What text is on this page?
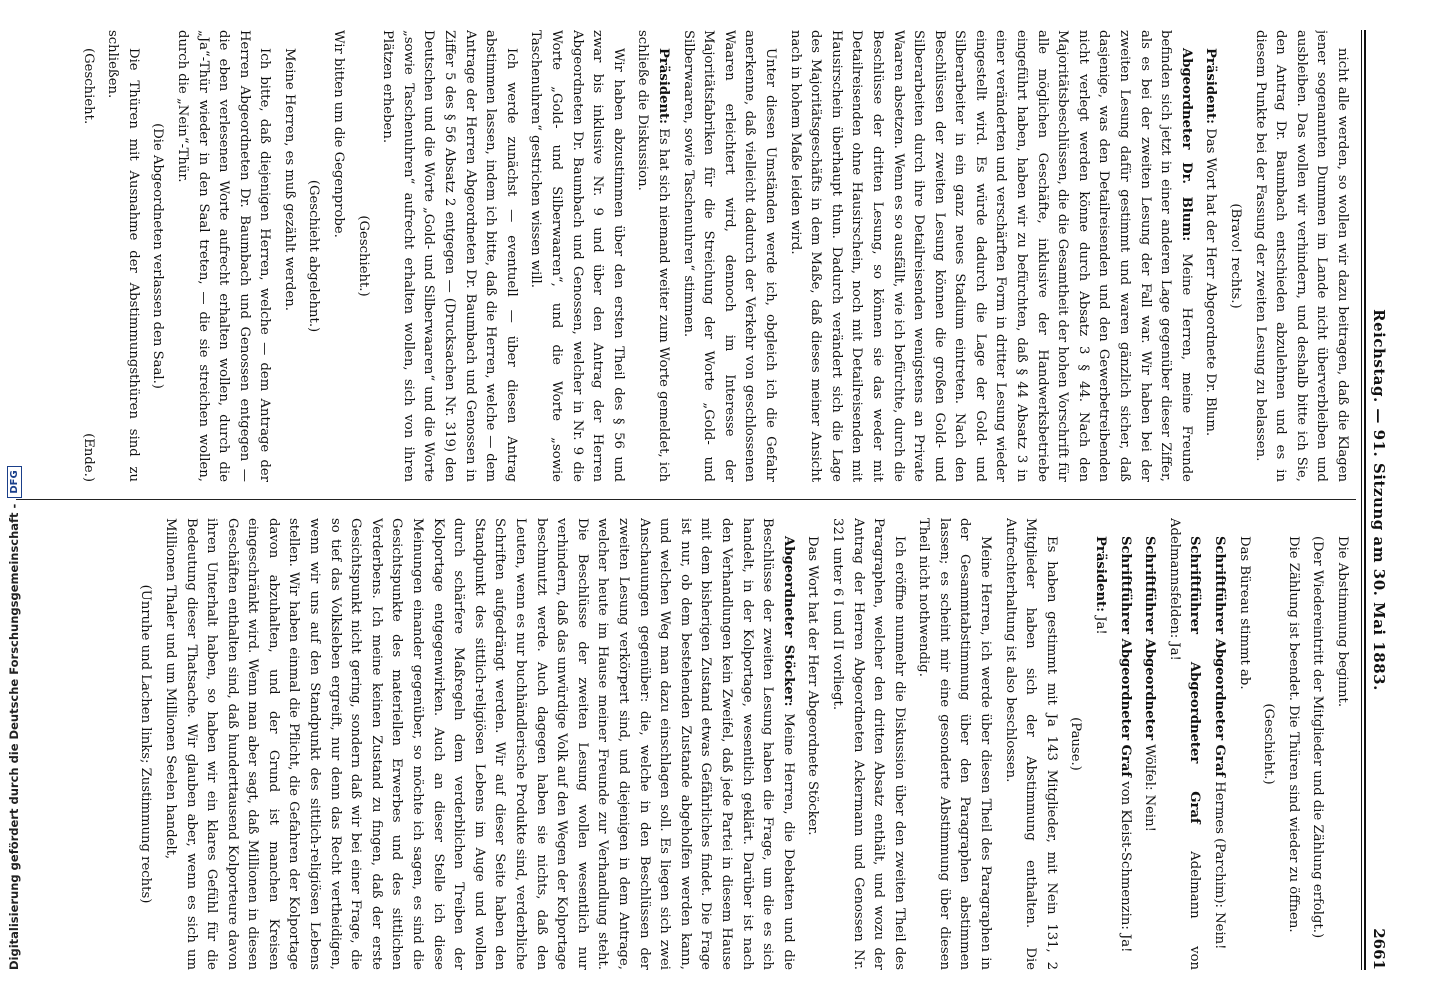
Reichstag. — 91. Sitzung am 30. Mai 1883.
2661

nicht alle werden, so wollen wir dazu beitragen, daß die Klagen jener sogenannten Dummen im Lande nicht überverbleiben und ausbleiben. Das wollen wir verhindern, und deshalb bitte ich Sie, den Antrag Dr. Baumbach entschieden abzulehnen und es in diesem Punkte bei der Fassung der zweiten Lesung zu belassen.

(Bravo! rechts.)

Präsident: Das Wort hat der Herr Abgeordnete Dr. Blum.

Abgeordneter Dr. Blum: Meine Herren, meine Freunde befinden sich jetzt in einer anderen Lage gegenüber dieser Ziffer, als es bei der zweiten Lesung der Fall war. Wir haben bei der zweiten Lesung dafür gestimmt und waren gänzlich sicher, daß dasjenige, was den Detailreisenden und den Gewerbetreibenden nicht verlegt werden könne durch Absatz 3 § 44. Nach den Majoritätsbeschlüssen, die die Gesamtheit der hohen Vorschrift für alle möglichen Geschäfte, inklusive der Handwerksbetriebe eingeführt haben, haben wir zu befürchten, daß § 44 Absatz 3 in einer veränderten und verschärften Form in dritter Lesung wieder eingestellt wird. Es würde dadurch die Lage der Gold- und Silberarbeiter in ein ganz neues Stadium eintreten. Nach den Beschlüssen der zweiten Lesung können die großen Gold- und Silberarbeiten durch ihre Detailreisenden wenigstens an Private Waaren absetzen. Wenn es so ausfällt, wie ich befürchte, durch die Beschlüsse der dritten Lesung, so können sie das weder mit Detailreisenden ohne Hausirschein, noch mit Detailreisenden mit Hausirschein überhaupt thun. Dadurch verändert sich die Lage des Majoritätsgeschäfts in dem Maße, daß dieses meiner Ansicht nach in hohem Maße leiden wird.

Unter diesen Umständen werde ich, obgleich ich die Gefahr anerkenne, daß vielleicht dadurch der Verkehr von geschlossenen Waaren erleichtert wird, dennoch im Interesse der Majoritätsfabriken für die Streichung der Worte „Gold- und Silberwaaren, sowie Taschenuhren“ stimmen.

Präsident: Es hat sich niemand weiter zum Worte gemeldet, ich schließe die Diskussion.

Wir haben abzustimmen über den ersten Theil des § 56 und zwar bis inklusive Nr. 9 und über den Antrag der Herren Abgeordneten Dr. Baumbach und Genossen, welcher in Nr. 9 die Worte „Gold- und Silberwaaren“, und die Worte „sowie Taschenuhren“ gestrichen wissen will.

Ich werde zunächst — eventuell — über diesen Antrag abstimmen lassen, indem ich bitte, daß die Herren, welche — dem Antrage der Herren Abgeordneten Dr. Baumbach und Genossen in Ziffer 5 des § 56 Absatz 2 entgegen — (Drucksachen Nr. 319) den Deutschen und die Worte „Gold- und Silberwaaren“ und die Worte „sowie Taschenuhren“ aufrecht erhalten wollen, sich von ihren Plätzen erheben.

(Geschieht.)

Wir bitten um die Gegenprobe.

(Geschieht abgelehnt.)

Meine Herren, es muß gezählt werden.

Ich bitte, daß diejenigen Herren, welche — dem Antrage der Herren Abgeordneten Dr. Baumbach und Genossen entgegen — die eben verlesenen Worte aufrecht erhalten wollen, durch die „Ja“-Thür wieder in den Saal treten, — die sie streichen wollen, durch die „Nein“-Thür.

(Die Abgeordneten verlassen den Saal.)

Die Thüren mit Ausnahme der Abstimmungsthüren sind zu schließen.

(Geschieht.
(Ende.)

Die Abstimmung beginnt.

(Der Wiedereintritt der Mitglieder und die Zählung erfolgt.)

Die Zählung ist beendet. Die Thüren sind wieder zu öffnen.

(Geschieht.)

Das Büreau stimmt ab.

Schriftführer Abgeordneter Graf Hermes (Parchim): Nein!

Schriftführer Abgeordneter Graf Adelmann von Adelmannsfelden: Ja!

Schriftführer Abgeordneter Wölfel: Nein!

Schriftführer Abgeordneter Graf von Kleist-Schmenzin: Ja!

Präsident: Ja!

(Pause.)

Es haben gestimmt mit Ja 143 Mitglieder, mit Nein 131, 2 Mitglieder haben sich der Abstimmung enthalten. Die Aufrechterhaltung ist also beschlossen.

Meine Herren, ich werde über diesen Theil des Paragraphen in der Gesammtabstimmung über den Paragraphen abstimmen lassen; es scheint mir eine gesonderte Abstimmung über diesen Theil nicht nothwendig.

Ich eröffne nunmehr die Diskussion über den zweiten Theil des Paragraphen, welcher den dritten Absatz enthält, und wozu der Antrag der Herren Abgeordneten Ackermann und Genossen Nr. 321 unter 6 I und II vorliegt.

Das Wort hat der Herr Abgeordnete Stöcker.

Abgeordneter Stöcker: Meine Herren, die Debatten und die Beschlüsse der zweiten Lesung haben die Frage, um die es sich handelt, in der Kolportage, wesentlich geklärt. Darüber ist nach den Verhandlungen kein Zweifel, daß jede Partei in diesem Hause mit dem bisherigen Zustand etwas Gefährliches findet. Die Frage ist nur, ob dem bestehenden Zustande abgeholfen werden kann, und welchen Weg man dazu einschlagen soll. Es liegen sich zwei Anschauungen gegenüber: die, welche in den Beschlüssen der zweiten Lesung verkörpert sind, und diejenigen in dem Antrage, welcher heute im Hause meiner Freunde zur Verhandlung steht. Die Beschlüsse der zweiten Lesung wollen wesentlich nur verhindern, daß das unwürdige Volk auf den Wegen der Kolportage beschmutzt werde. Auch dagegen haben sie nichts, daß den Leuten, wenn es nur buchhändlerische Produkte sind, verderbliche Schriften aufgedrängt werden. Wir auf dieser Seite haben den Standpunkt des sittlich-religiösen Lebens im Auge und wollen durch schärfere Maßregeln dem verderblichen Treiben der Kolportage entgegenwirken. Auch an dieser Stelle ich diese Meinungen einander gegenüber, so möchte ich sagen, es sind die Gesichtspunkte des materiellen Erwerbes und des sittlichen Verderbens. Ich meine keinen Zustand zu fingen, daß der erste Gesichtspunkt nicht gering, sondern daß wir bei einer Frage, die so tief das Volksleben ergreift, nur denn das Recht vertheidigen, wenn wir uns auf den Standpunkt des sittlich-religiösen Lebens stellen. Wir haben einmal die Pflicht, die Gefahren der Kolportage davon abzuhalten, und der Grund ist manchen Kreisen eingeschränkt wird. Wenn man aber sagt, daß Millionen in diesen Geschäften enthalten sind, daß hunderttausend Kolporteure davon ihren Unterhalt haben, so haben wir ein klares Gefühl für die Bedeutung dieser Thatsache. Wir glauben aber, wenn es sich um Millionen Thaler und um Millionen Seelen handelt,

(Unruhe und Lachen links; Zustimmung rechts)

Digitalisierung gefördert durch die Deutsche Forschungsgemeinschaft -
DFG
